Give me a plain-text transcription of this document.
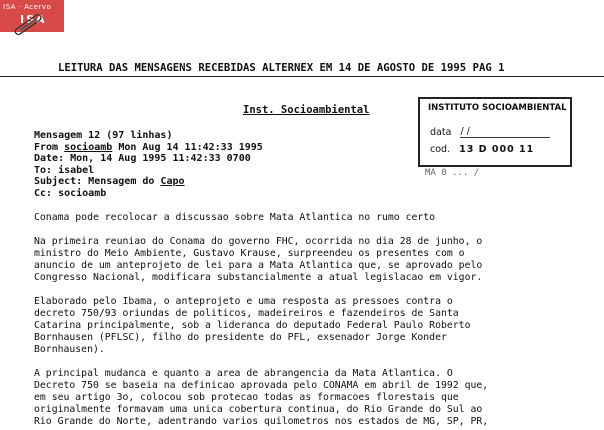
ISA · Acervo
ISA
LEITURA DAS MENSAGENS RECEBIDAS ALTERNEX EM 14 DE AGOSTO DE 1995 PAG 1
Inst. Socioambiental	INSTITUTO SOCIOAMBIENTAL
data / /
cod. 13 D 000 11
MA 0 ... /
Mensagem 12 (97 linhas)
From socioamb Mon Aug 14 11:42:33 1995
Date: Mon, 14 Aug 1995 11:42:33 0700
To: isabel
Subject: Mensagem do Capo
Cc: socioamb
Conama pode recolocar a discussao sobre Mata Atlantica no rumo certo
Na primeira reuniao do Conama do governo FHC, ocorrida no dia 28 de junho, o
ministro do Meio Ambiente, Gustavo Krause, surpreendeu os presentes com o
anuncio de um anteprojeto de lei para a Mata Atlantica que, se aprovado pelo
Congresso Nacional, modificara substancialmente a atual legislacao em vigor.
Elaborado pelo Ibama, o anteprojeto e uma resposta as pressoes contra o
decreto 750/93 oriundas de politicos, madeireiros e fazendeiros de Santa
Catarina principalmente, sob a lideranca do deputado Federal Paulo Roberto
Bornhausen (PFLSC), filho do presidente do PFL, exsenador Jorge Konder
Bornhausen).
A principal mudanca e quanto a area de abrangencia da Mata Atlantica. O
Decreto 750 se baseia na definicao aprovada pelo CONAMA em abril de 1992 que,
em seu artigo 3o, colocou sob protecao todas as formacoes florestais que
originalmente formavam uma unica cobertura continua, do Rio Grande do Sul ao
Rio Grande do Norte, adentrando varios quilometros nos estados de MG, SP, PR,
